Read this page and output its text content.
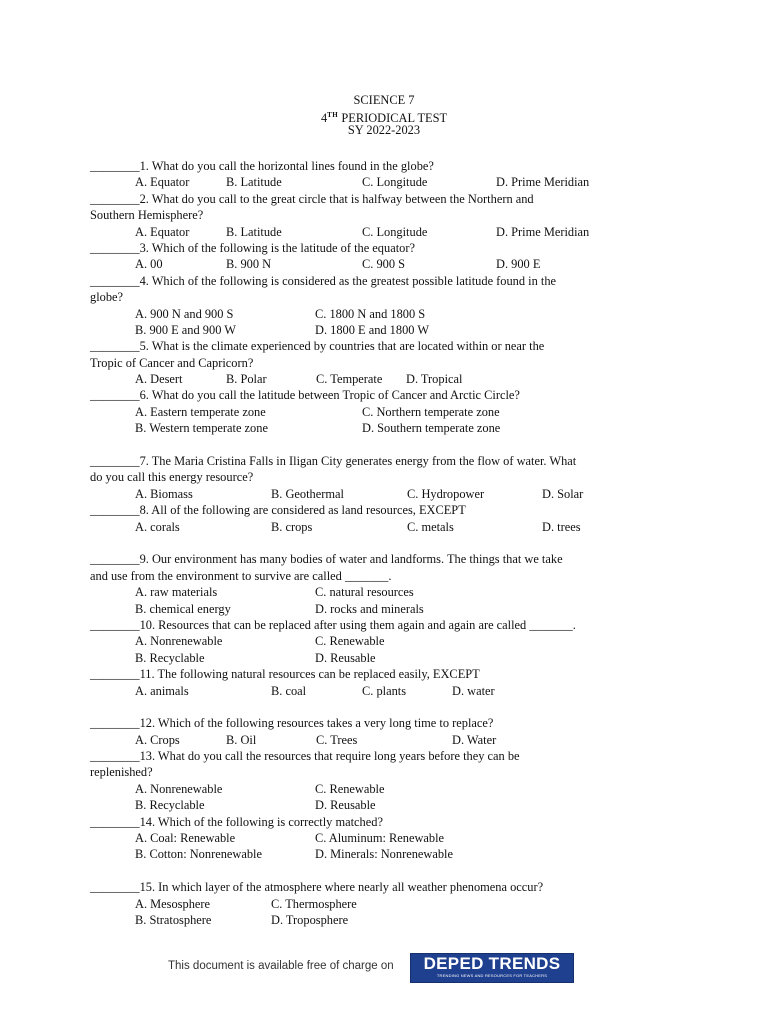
SCIENCE 7
4TH PERIODICAL TEST
SY 2022-2023
________1. What do you call the horizontal lines found in the globe?
A. Equator	B. Latitude	C. Longitude	D. Prime Meridian
________2. What do you call to the great circle that is halfway between the Northern and
Southern Hemisphere?
A. Equator	B. Latitude	C. Longitude	D. Prime Meridian
________3. Which of the following is the latitude of the equator?
A. 00	B. 900 N	C. 900 S	D. 900 E
________4. Which of the following is considered as the greatest possible latitude found in the
globe?
A. 900 N and 900 S	C. 1800 N and 1800 S
B. 900 E and 900 W	D. 1800 E and 1800 W
________5. What is the climate experienced by countries that are located within or near the
Tropic of Cancer and Capricorn?
A. Desert	B. Polar	C. Temperate D. Tropical
________6. What do you call the latitude between Tropic of Cancer and Arctic Circle?
A. Eastern temperate zone	C. Northern temperate zone
B. Western temperate zone	D. Southern temperate zone
________7. The Maria Cristina Falls in Iligan City generates energy from the flow of water. What
do you call this energy resource?
A. Biomass	B. Geothermal	C. Hydropower	D. Solar
________8. All of the following are considered as land resources, EXCEPT
A. corals	B. crops	C. metals	D. trees
________9. Our environment has many bodies of water and landforms. The things that we take
and use from the environment to survive are called _______.
A. raw materials	C. natural resources
B. chemical energy	D. rocks and minerals
________10. Resources that can be replaced after using them again and again are called _______.
A. Nonrenewable	C. Renewable
B. Recyclable	D. Reusable
________11. The following natural resources can be replaced easily, EXCEPT
A. animals	B. coal	C. plants	D. water
________12. Which of the following resources takes a very long time to replace?
A. Crops	B. Oil	C. Trees	D. Water
________13. What do you call the resources that require long years before they can be
replenished?
A. Nonrenewable	C. Renewable
B. Recyclable	D. Reusable
________14. Which of the following is correctly matched?
A. Coal: Renewable	C. Aluminum: Renewable
B. Cotton: Nonrenewable	D. Minerals: Nonrenewable
________15. In which layer of the atmosphere where nearly all weather phenomena occur?
A. Mesosphere	C. Thermosphere
B. Stratosphere	D. Troposphere
This document is available free of charge on	DEPED TRENDS
TRENDING NEWS AND RESOURCES FOR TEACHERS
